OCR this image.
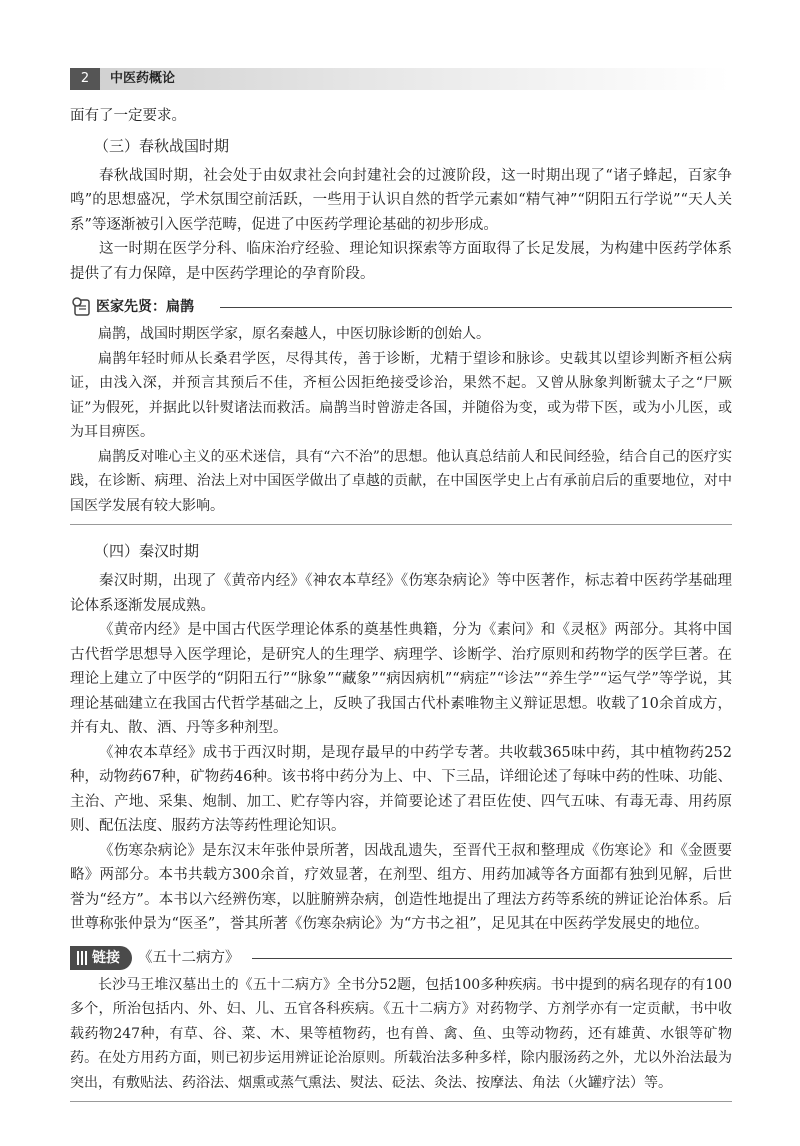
2	中医药概论

面有了一定要求。

（三）春秋战国时期

春秋战国时期，社会处于由奴隶社会向封建社会的过渡阶段，这一时期出现了“诸子蜂起，百家争鸣”的思想盛况，学术氛围空前活跃，一些用于认识自然的哲学元素如“精气神”“阴阳五行学说”“天人关系”等逐渐被引入医学范畴，促进了中医药学理论基础的初步形成。

这一时期在医学分科、临床治疗经验、理论知识探索等方面取得了长足发展，为构建中医药学体系提供了有力保障，是中医药学理论的孕育阶段。

医家先贤：扁鹊

扁鹊，战国时期医学家，原名秦越人，中医切脉诊断的创始人。

扁鹊年轻时师从长桑君学医，尽得其传，善于诊断，尤精于望诊和脉诊。史载其以望诊判断齐桓公病证，由浅入深，并预言其预后不佳，齐桓公因拒绝接受诊治，果然不起。又曾从脉象判断虢太子之“尸厥证”为假死，并据此以针熨诸法而救活。扁鹊当时曾游走各国，并随俗为变，或为带下医，或为小儿医，或为耳目痹医。

扁鹊反对唯心主义的巫术迷信，具有“六不治”的思想。他认真总结前人和民间经验，结合自己的医疗实践，在诊断、病理、治法上对中国医学做出了卓越的贡献，在中国医学史上占有承前启后的重要地位，对中国医学发展有较大影响。

（四）秦汉时期

秦汉时期，出现了《黄帝内经》《神农本草经》《伤寒杂病论》等中医著作，标志着中医药学基础理论体系逐渐发展成熟。

《黄帝内经》是中国古代医学理论体系的奠基性典籍，分为《素问》和《灵枢》两部分。其将中国古代哲学思想导入医学理论，是研究人的生理学、病理学、诊断学、治疗原则和药物学的医学巨著。在理论上建立了中医学的“阴阳五行”“脉象”“藏象”“病因病机”“病症”“诊法”“养生学”“运气学”等学说，其理论基础建立在我国古代哲学基础之上，反映了我国古代朴素唯物主义辩证思想。收载了10余首成方，并有丸、散、酒、丹等多种剂型。

《神农本草经》成书于西汉时期，是现存最早的中药学专著。共收载365味中药，其中植物药252种，动物药67种，矿物药46种。该书将中药分为上、中、下三品，详细论述了每味中药的性味、功能、主治、产地、采集、炮制、加工、贮存等内容，并简要论述了君臣佐使、四气五味、有毒无毒、用药原则、配伍法度、服药方法等药性理论知识。

《伤寒杂病论》是东汉末年张仲景所著，因战乱遗失，至晋代王叔和整理成《伤寒论》和《金匮要略》两部分。本书共载方300余首，疗效显著，在剂型、组方、用药加减等各方面都有独到见解，后世誉为“经方”。本书以六经辨伤寒，以脏腑辨杂病，创造性地提出了理法方药等系统的辨证论治体系。后世尊称张仲景为“医圣”，誉其所著《伤寒杂病论》为“方书之祖”，足见其在中医药学发展史的地位。

链接 《五十二病方》

长沙马王堆汉墓出土的《五十二病方》全书分52题，包括100多种疾病。书中提到的病名现存的有100多个，所治包括内、外、妇、儿、五官各科疾病。《五十二病方》对药物学、方剂学亦有一定贡献，书中收载药物247种，有草、谷、菜、木、果等植物药，也有兽、禽、鱼、虫等动物药，还有雄黄、水银等矿物药。在处方用药方面，则已初步运用辨证论治原则。所载治法多种多样，除内服汤药之外，尤以外治法最为突出，有敷贴法、药浴法、烟熏或蒸气熏法、熨法、砭法、灸法、按摩法、角法（火罐疗法）等。
